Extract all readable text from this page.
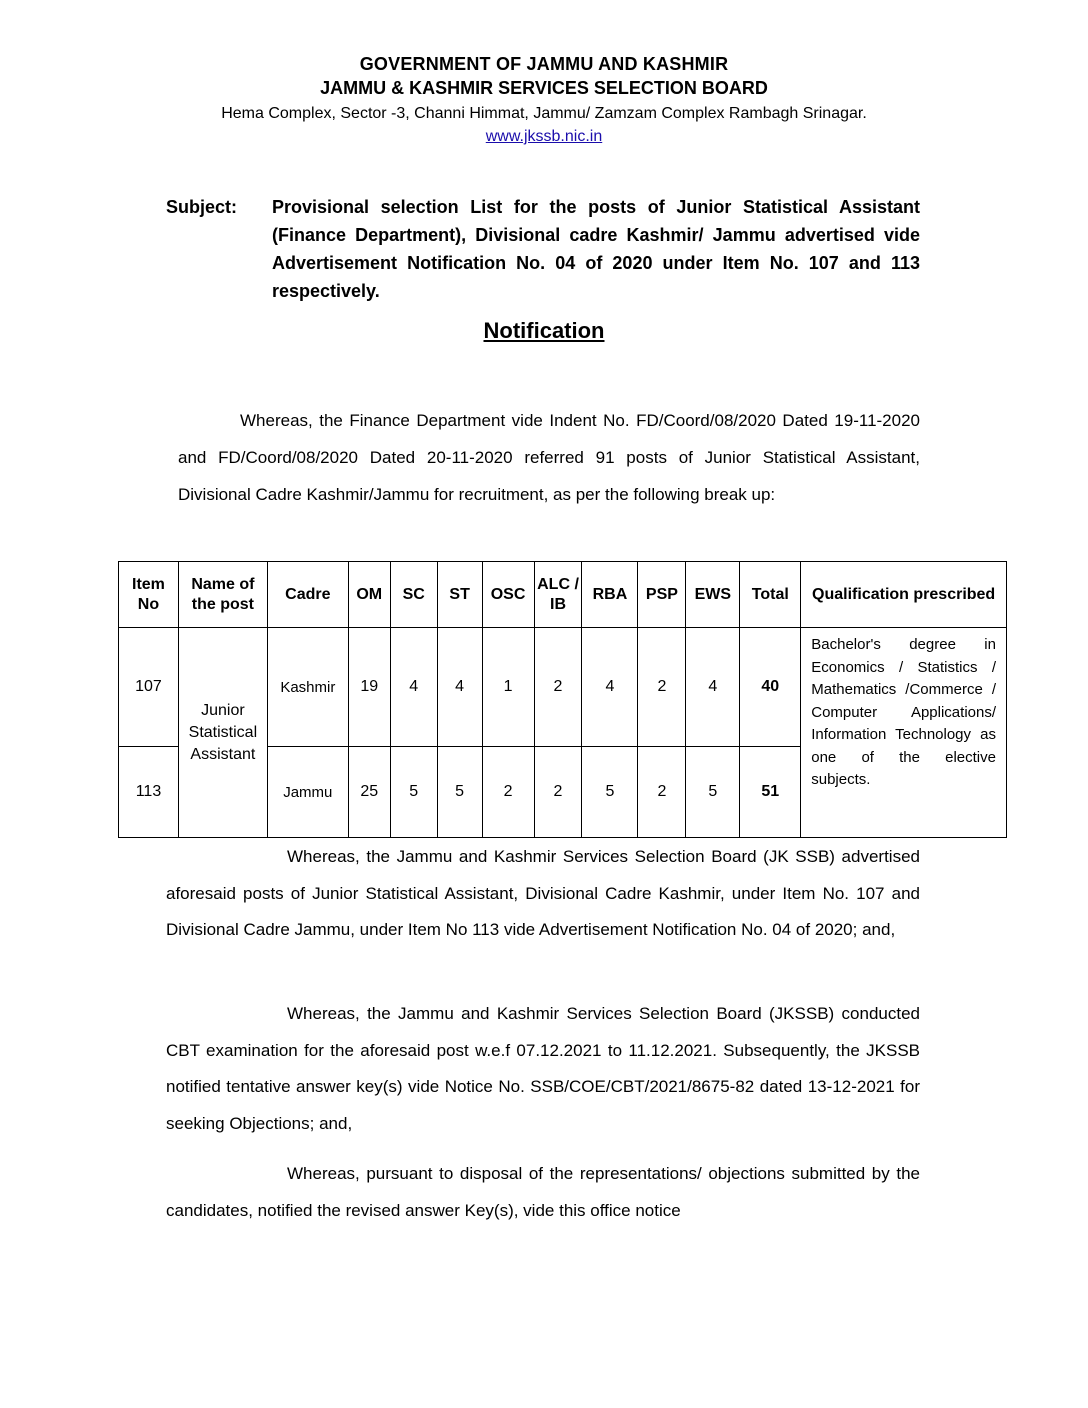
GOVERNMENT OF JAMMU AND KASHMIR
JAMMU & KASHMIR SERVICES SELECTION BOARD
Hema Complex, Sector -3, Channi Himmat, Jammu/ Zamzam Complex Rambagh Srinagar.
www.jkssb.nic.in
Subject: Provisional selection List for the posts of Junior Statistical Assistant (Finance Department), Divisional cadre Kashmir/ Jammu advertised vide Advertisement Notification No. 04 of 2020 under Item No. 107 and 113 respectively.
Notification
Whereas, the Finance Department vide Indent No. FD/Coord/08/2020 Dated 19-11-2020 and FD/Coord/08/2020 Dated 20-11-2020 referred 91 posts of Junior Statistical Assistant, Divisional Cadre Kashmir/Jammu for recruitment, as per the following break up:
Item No	Name of the post	Cadre	OM	SC	ST	OSC	ALC / IB	RBA	PSP	EWS	Total	Qualification prescribed
107	Junior Statistical Assistant	Kashmir	19	4	4	1	2	4	2	4	40	Bachelor's degree in Economics / Statistics / Mathematics /Commerce / Computer Applications/ Information Technology as one of the elective subjects.
113		Jammu	25	5	5	2	2	5	2	5	51	
Whereas, the Jammu and Kashmir Services Selection Board (JK SSB) advertised aforesaid posts of Junior Statistical Assistant, Divisional Cadre Kashmir, under Item No. 107 and Divisional Cadre Jammu, under Item No 113 vide Advertisement Notification No. 04 of 2020; and,
Whereas, the Jammu and Kashmir Services Selection Board (JKSSB) conducted CBT examination for the aforesaid post w.e.f 07.12.2021 to 11.12.2021. Subsequently, the JKSSB notified tentative answer key(s) vide Notice No. SSB/COE/CBT/2021/8675-82 dated 13-12-2021 for seeking Objections; and,
Whereas, pursuant to disposal of the representations/ objections submitted by the candidates, notified the revised answer Key(s), vide this office notice
